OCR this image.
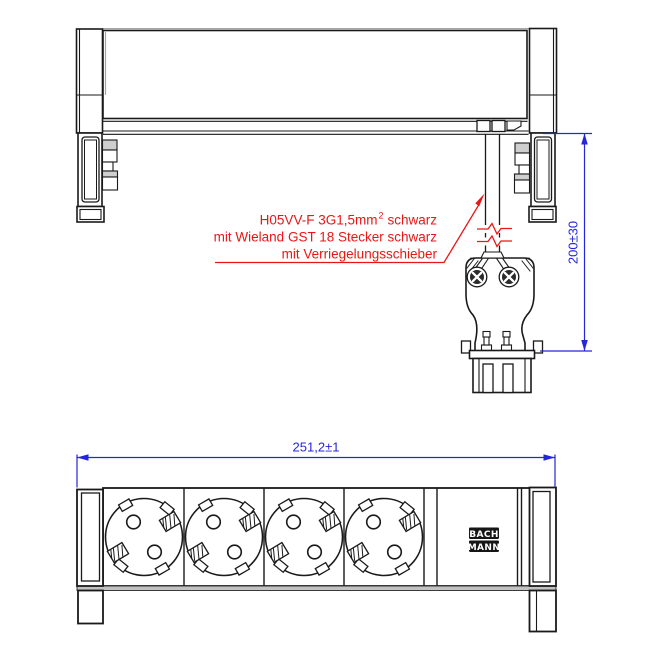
H05VV-F $3G1,5mm^2$ schwarz
mit Wieland GST 18 Stecker schwarz
mit Verriegelungsschieber	200±30
251,2±1
BACH
MANN
